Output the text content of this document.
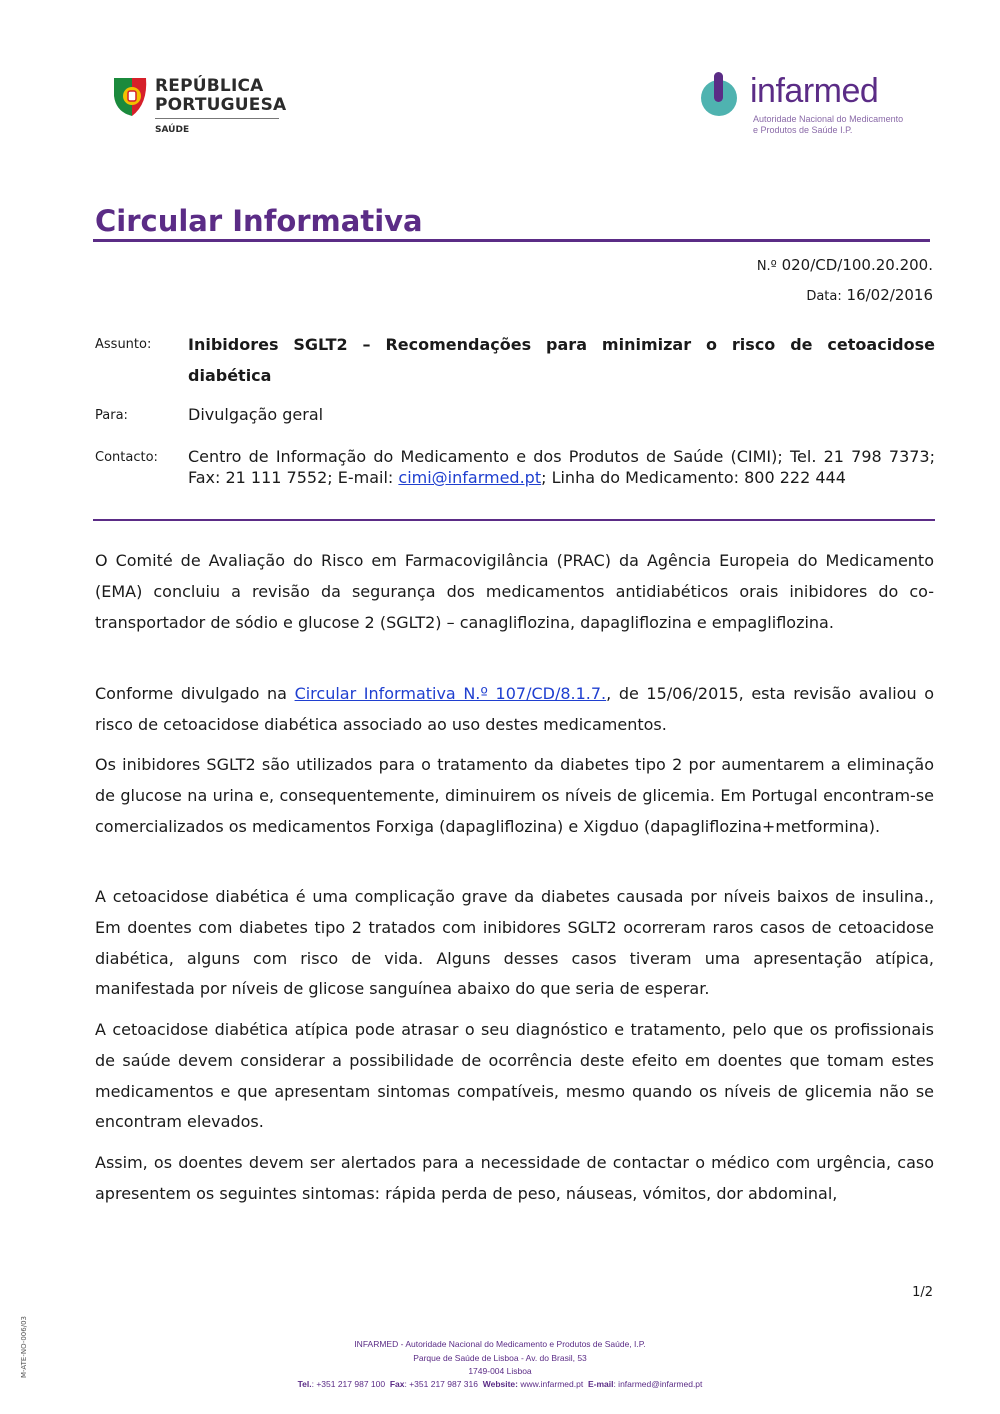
REPÚBLICA
PORTUGUESA
SAÚDE
infarmed
Autoridade Nacional do Medicamento
e Produtos de Saúde I.P.
Circular Informativa
N.º 020/CD/100.20.200.
Data: 16/02/2016
Assunto: Inibidores SGLT2 – Recomendações para minimizar o risco de cetoacidose diabética
Para:	Divulgação geral
Contacto: Centro de Informação do Medicamento e dos Produtos de Saúde (CIMI); Tel. 21 798 7373; Fax: 21 111 7552; E-mail: cimi@infarmed.pt; Linha do Medicamento: 800 222 444

O Comité de Avaliação do Risco em Farmacovigilância (PRAC) da Agência Europeia do Medicamento (EMA) concluiu a revisão da segurança dos medicamentos antidiabéticos orais inibidores do co-transportador de sódio e glucose 2 (SGLT2) – canagliflozina, dapagliflozina e empagliflozina.

Conforme divulgado na Circular Informativa N.º 107/CD/8.1.7., de 15/06/2015, esta revisão avaliou o risco de cetoacidose diabética associado ao uso destes medicamentos.

Os inibidores SGLT2 são utilizados para o tratamento da diabetes tipo 2 por aumentarem a eliminação de glucose na urina e, consequentemente, diminuirem os níveis de glicemia. Em Portugal encontram-se comercializados os medicamentos Forxiga (dapagliflozina) e Xigduo (dapagliflozina+metformina).

A cetoacidose diabética é uma complicação grave da diabetes causada por níveis baixos de insulina., Em doentes com diabetes tipo 2 tratados com inibidores SGLT2 ocorreram raros casos de cetoacidose diabética, alguns com risco de vida. Alguns desses casos tiveram uma apresentação atípica, manifestada por níveis de glicose sanguínea abaixo do que seria de esperar.

A cetoacidose diabética atípica pode atrasar o seu diagnóstico e tratamento, pelo que os profissionais de saúde devem considerar a possibilidade de ocorrência deste efeito em doentes que tomam estes medicamentos e que apresentam sintomas compatíveis, mesmo quando os níveis de glicemia não se encontram elevados.

Assim, os doentes devem ser alertados para a necessidade de contactar o médico com urgência, caso apresentem os seguintes sintomas: rápida perda de peso, náuseas, vómitos, dor abdominal,

1/2
M-ATE-NO-006/03	INFARMED - Autoridade Nacional do Medicamento e Produtos de Saúde, I.P.
Parque de Saúde de Lisboa - Av. do Brasil, 53
1749-004 Lisboa
Tel.: +351 217 987 100 Fax: +351 217 987 316 Website: www.infarmed.pt E-mail: infarmed@infarmed.pt
